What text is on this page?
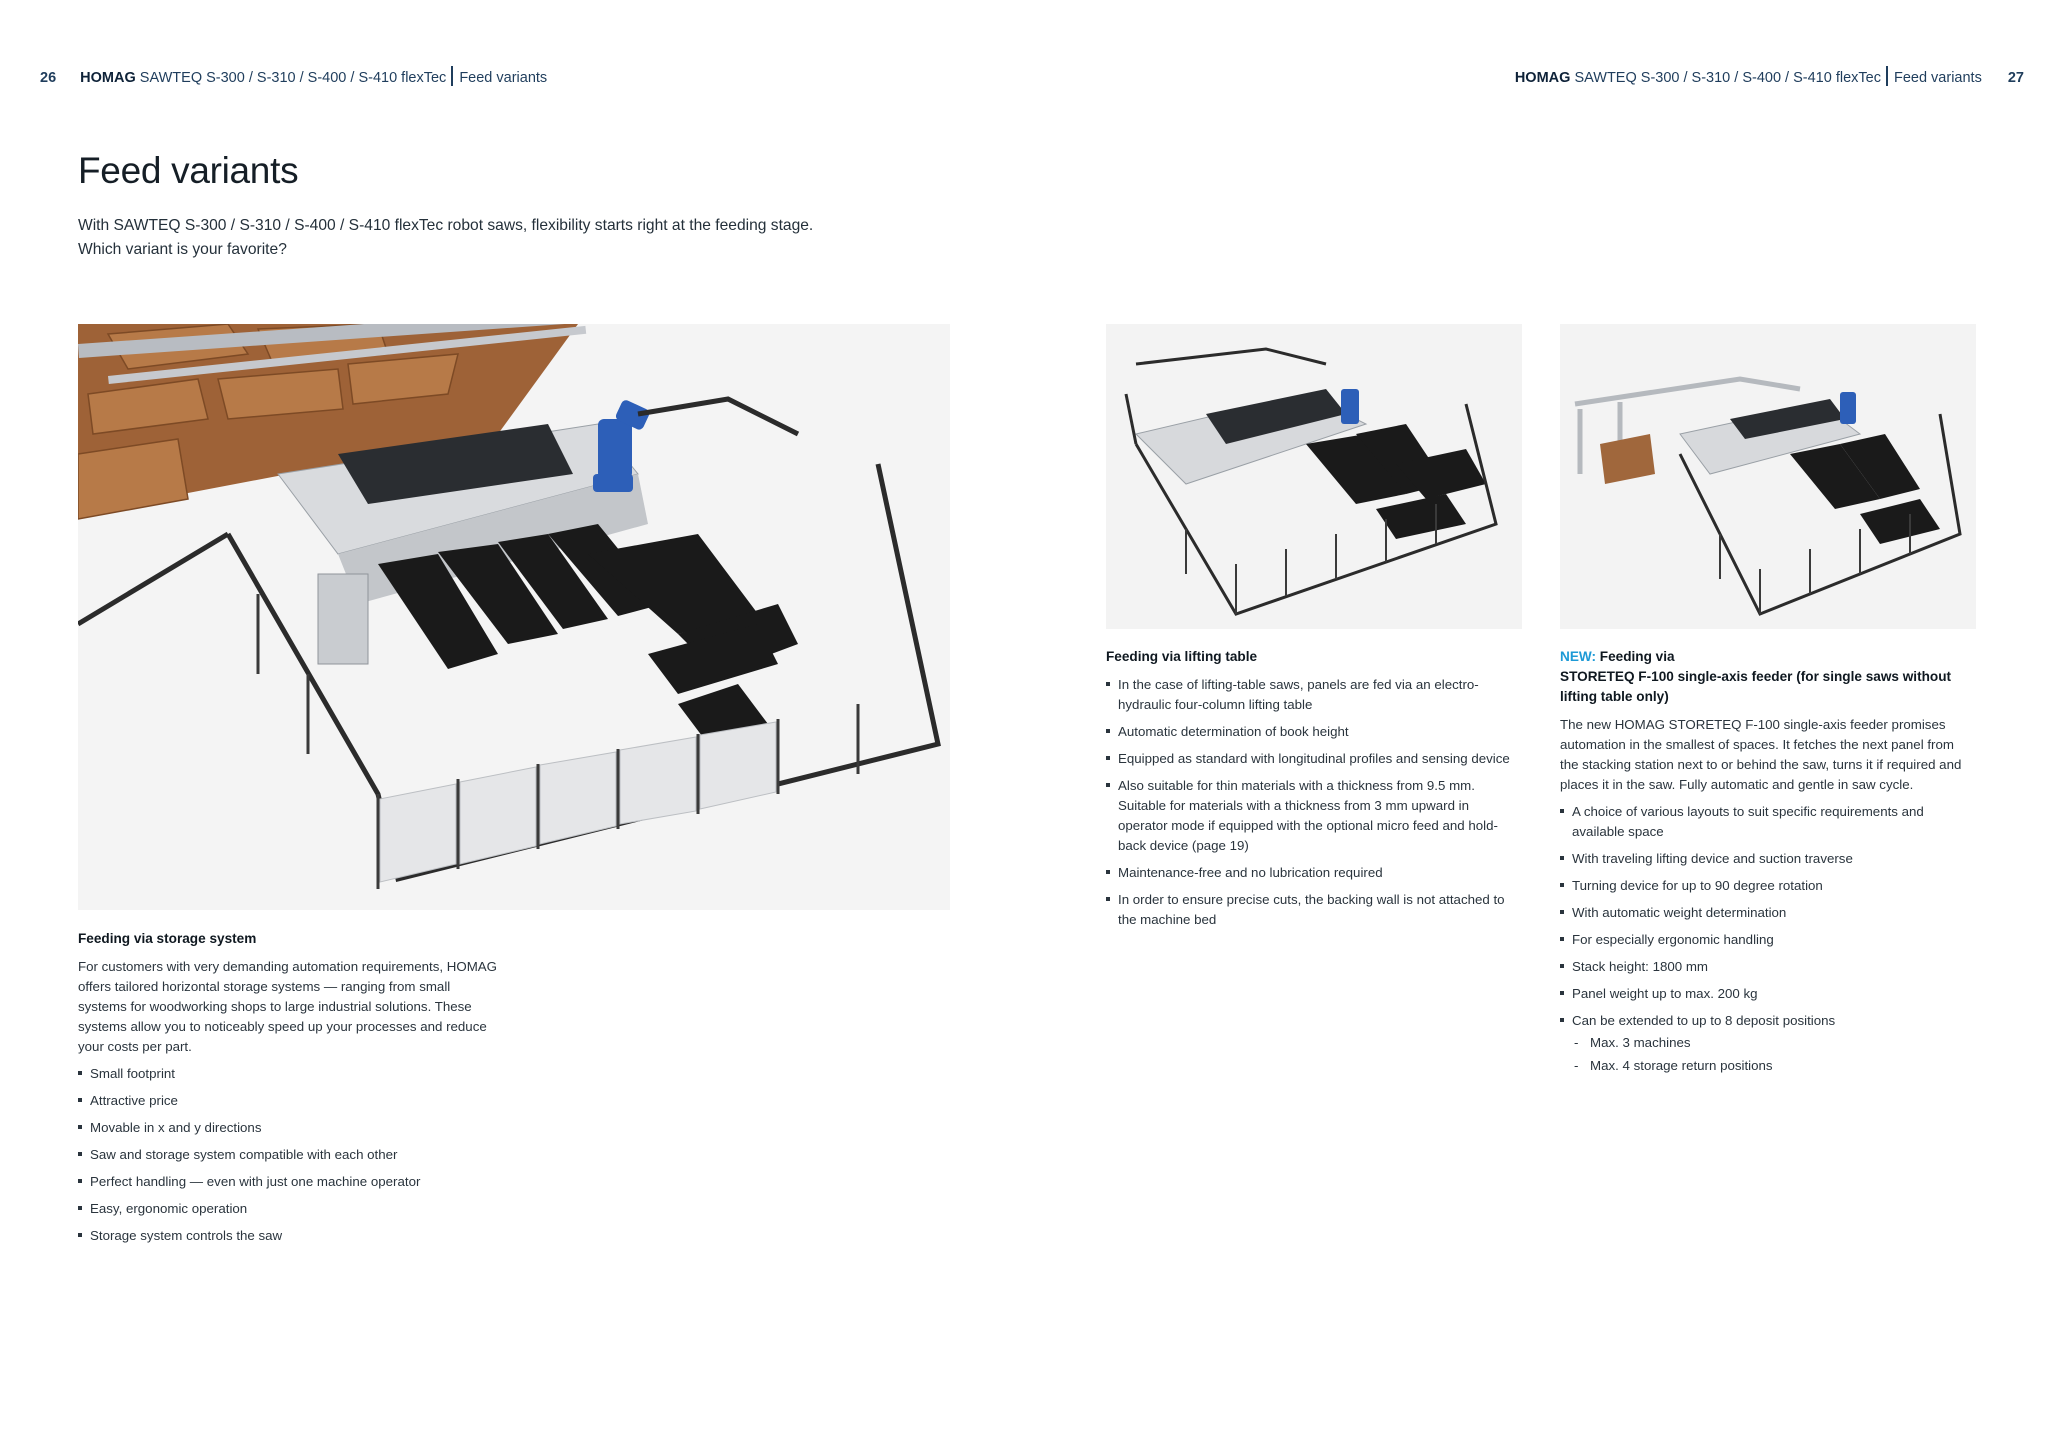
26 HOMAG SAWTEQ S-300 / S-310 / S-400 / S-410 flexTec Feed variants	HOMAG SAWTEQ S-300 / S-310 / S-400 / S-410 flexTec Feed variants 27
Feed variants

With SAWTEQ S-300 / S-310 / S-400 / S-410 flexTec robot saws, flexibility starts right at the feeding stage.
Which variant is your favorite?

Feeding via storage system

For customers with very demanding automation requirements, HOMAG offers tailored horizontal storage systems — ranging from small systems for woodworking shops to large industrial solutions. These systems allow you to noticeably speed up your processes and reduce your costs per part.

Small footprint
Attractive price
Movable in x and y directions
Saw and storage system compatible with each other
Perfect handling — even with just one machine operator
Easy, ergonomic operation
Storage system controls the saw
Feeding via lifting table
In the case of lifting-table saws, panels are fed via an electro-hydraulic four-column lifting table
Automatic determination of book height
Equipped as standard with longitudinal profiles and sensing device
Also suitable for thin materials with a thickness from 9.5 mm. Suitable for materials with a thickness from 3 mm upward in operator mode if equipped with the optional micro feed and hold-back device (page 19)
Maintenance-free and no lubrication required
In order to ensure precise cuts, the backing wall is not attached to the machine bed
NEW: Feeding via
STORETEQ F-100 single-axis feeder (for single saws without lifting table only)

The new HOMAG STORETEQ F-100 single-axis feeder promises automation in the smallest of spaces. It fetches the next panel from the stacking station next to or behind the saw, turns it if required and places it in the saw. Fully automatic and gentle in saw cycle.

A choice of various layouts to suit specific requirements and available space
With traveling lifting device and suction traverse
Turning device for up to 90 degree rotation
With automatic weight determination
For especially ergonomic handling
Stack height: 1800 mm
Panel weight up to max. 200 kg
Can be extended to up to 8 deposit positions
- Max. 3 machines
- Max. 4 storage return positions
